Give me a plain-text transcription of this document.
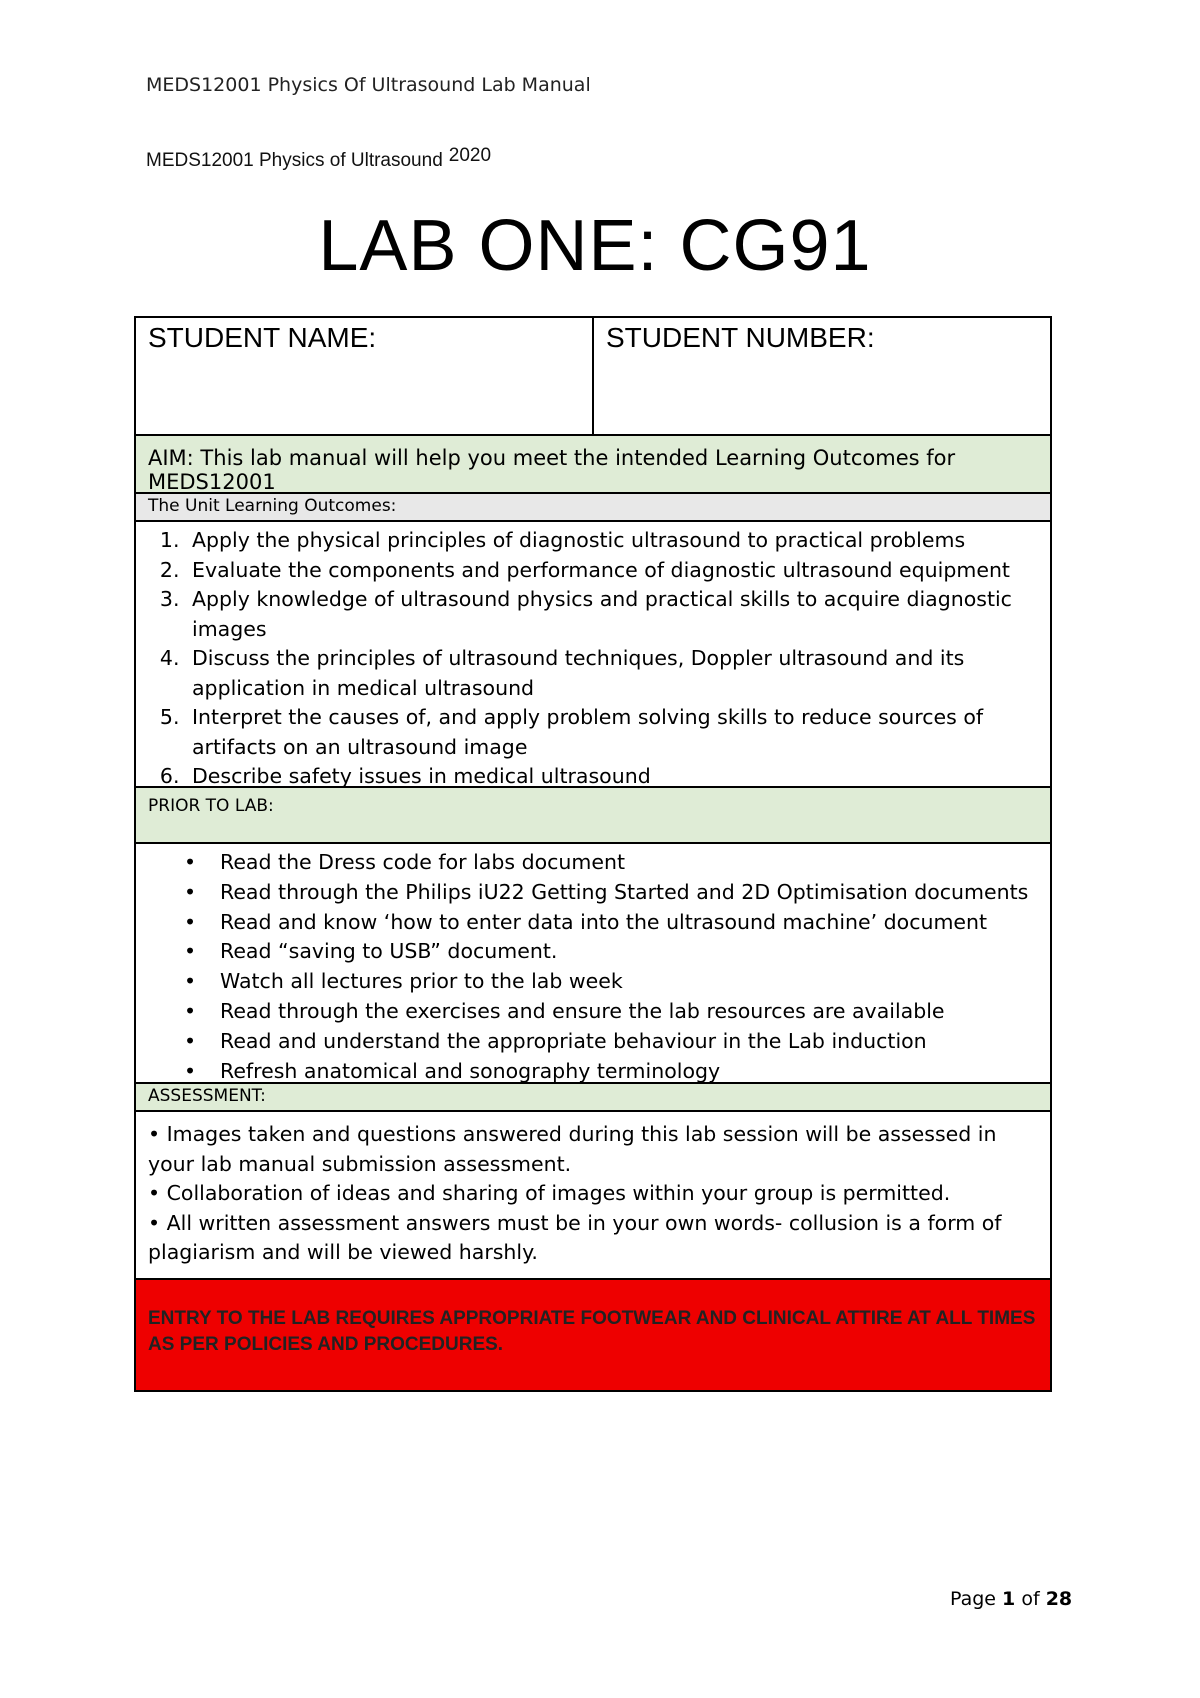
MEDS12001 Physics Of Ultrasound Lab Manual
MEDS12001 Physics of Ultrasound 2020
LAB ONE: CG91
STUDENT NAME:	STUDENT NUMBER:
AIM: This lab manual will help you meet the intended Learning Outcomes for MEDS12001
The Unit Learning Outcomes:
1. Apply the physical principles of diagnostic ultrasound to practical problems
2. Evaluate the components and performance of diagnostic ultrasound equipment
3. Apply knowledge of ultrasound physics and practical skills to acquire diagnostic images
4. Discuss the principles of ultrasound techniques, Doppler ultrasound and its application in medical ultrasound
5. Interpret the causes of, and apply problem solving skills to reduce sources of artifacts on an ultrasound image
6. Describe safety issues in medical ultrasound
PRIOR TO LAB:
• Read the Dress code for labs document
• Read through the Philips iU22 Getting Started and 2D Optimisation documents
• Read and know ‘how to enter data into the ultrasound machine’ document
• Read “saving to USB” document.
• Watch all lectures prior to the lab week
• Read through the exercises and ensure the lab resources are available
• Read and understand the appropriate behaviour in the Lab induction
• Refresh anatomical and sonography terminology
ASSESSMENT:

• Images taken and questions answered during this lab session will be assessed in your lab manual submission assessment.

• Collaboration of ideas and sharing of images within your group is permitted.

• All written assessment answers must be in your own words- collusion is a form of plagiarism and will be viewed harshly.

ENTRY TO THE LAB REQUIRES APPROPRIATE FOOTWEAR AND CLINICAL ATTIRE AT ALL TIMES AS PER POLICIES AND PROCEDURES.
Page 1 of 28
